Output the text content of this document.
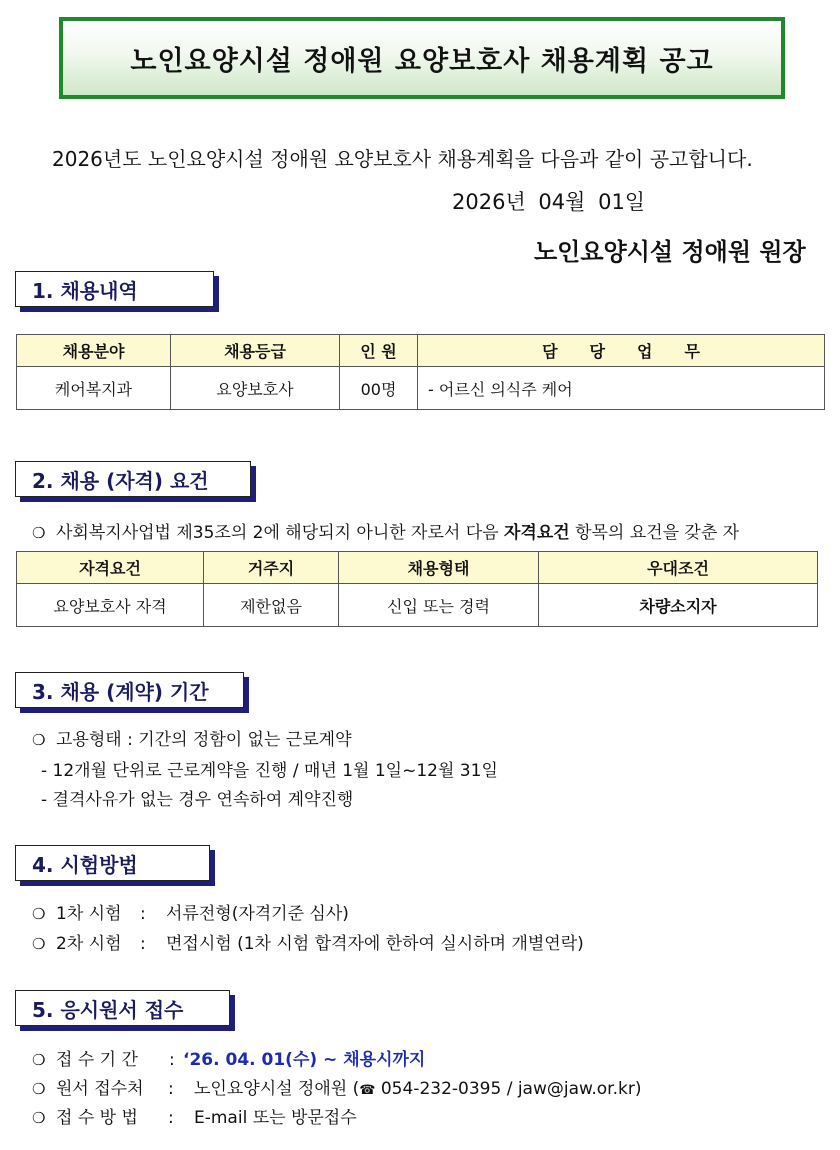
노인요양시설 정애원 요양보호사 채용계획 공고
2026년도 노인요양시설 정애원 요양보호사 채용계획을 다음과 같이 공고합니다.
2026년 04월 01일
노인요양시설 정애원 원장
1. 채용내역
채용분야	채용등급	인 원	담　　당　　업　　무
케어복지과	요양보호사	00명	- 어르신 의식주 케어
2. 채용 (자격) 요건
❍ 사회복지사업법 제35조의 2에 해당되지 아니한 자로서 다음 자격요건 항목의 요건을 갖춘 자
자격요건	거주지	채용형태	우대조건
요양보호사 자격	제한없음	신입 또는 경력	차량소지자
3. 채용 (계약) 기간
❍ 고용형태 : 기간의 정함이 없는 근로계약
- 12개월 단위로 근로계약을 진행 / 매년 1월 1일~12월 31일
- 결격사유가 없는 경우 연속하여 계약진행
4. 시험방법
❍ 1차 시험 : 서류전형(자격기준 심사)
❍ 2차 시험 : 면접시험 (1차 시험 합격자에 한하여 실시하며 개별연락)
5. 응시원서 접수
❍ 접 수 기 간 : ‘26. 04. 01(수) ~ 채용시까지
❍ 원서 접수처 : 노인요양시설 정애원 (☎ 054-232-0395 / jaw@jaw.or.kr)
❍ 접 수 방 법 : E-mail 또는 방문접수
